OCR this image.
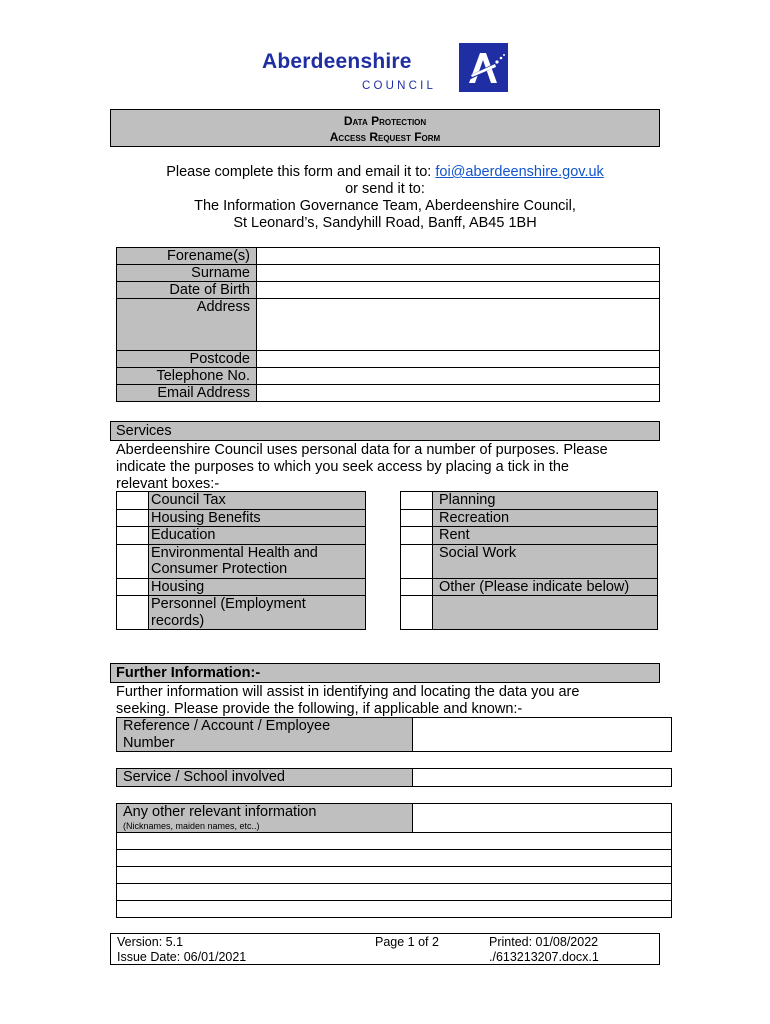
Aberdeenshire
COUNCIL
Data Protection
Access Request Form
Please complete this form and email it to: foi@aberdeenshire.gov.uk
or send it to:
The Information Governance Team, Aberdeenshire Council,
St Leonard’s, Sandyhill Road, Banff, AB45 1BH
Forename(s)	
Surname	
Date of Birth	
Address	
Postcode	
Telephone No.	
Email Address	
Services
Aberdeenshire Council uses personal data for a number of purposes. Please
indicate the purposes to which you seek access by placing a tick in the
relevant boxes:-
	Council Tax
	Housing Benefits
	Education

	Environmental Health and
Consumer Protection

	Housing

	Personnel (Employment
records)
	Planning
	Recreation
	Rent
	Social Work
	Other (Please indicate below)

Further Information:-
Further information will assist in identifying and locating the data you are
seeking. Please provide the following, if applicable and known:-
Reference / Account / Employee
Number

Service / School involved	
Any other relevant information
(Nicknames, maiden names, etc..)

Version: 5.1
Issue Date: 06/01/2021
Page 1 of 2	Printed: 01/08/2022
./613213207.docx.1
